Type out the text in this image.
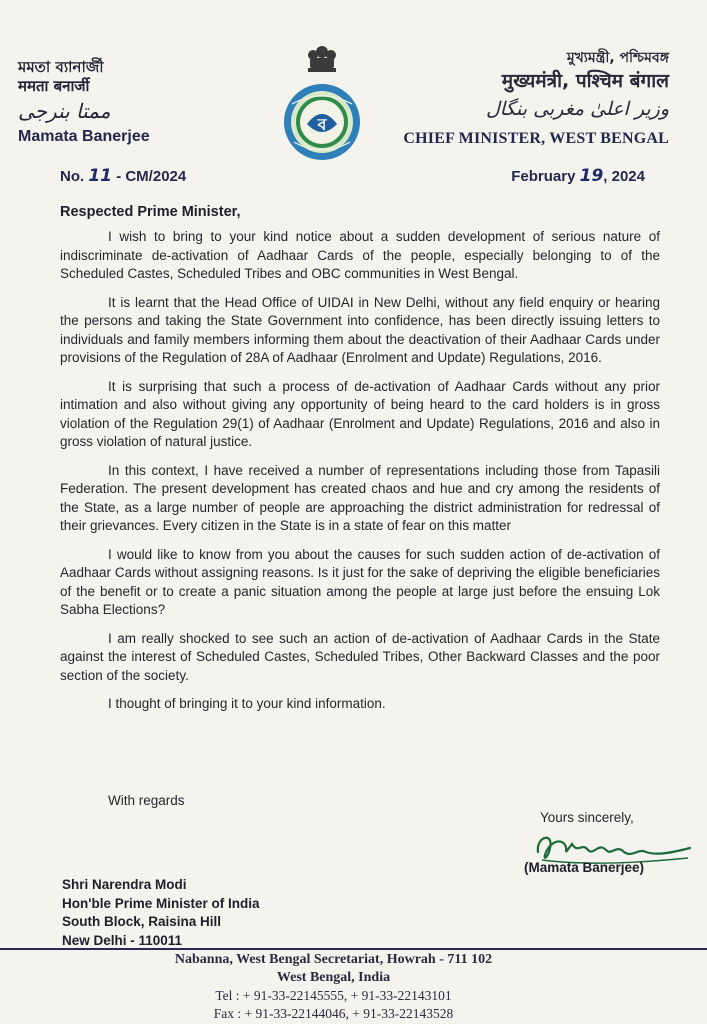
মমতা ব্যানার্জী
ममता बनार्जी
ممتا بنرجی
Mamata Banerjee
ব
মুখ্যমন্ত্রী, পশ্চিমবঙ্গ
मुख्यमंत्री, पश्चिम बंगाल
وزیر اعلیٰ مغربی بنگال
CHIEF MINISTER, WEST BENGAL
No. 11 - CM/2024	February 19, 2024
Respected Prime Minister,

I wish to bring to your kind notice about a sudden development of serious nature of indiscriminate de-activation of Aadhaar Cards of the people, especially belonging to of the Scheduled Castes, Scheduled Tribes and OBC communities in West Bengal.

It is learnt that the Head Office of UIDAI in New Delhi, without any field enquiry or hearing the persons and taking the State Government into confidence, has been directly issuing letters to individuals and family members informing them about the deactivation of their Aadhaar Cards under provisions of the Regulation of 28A of Aadhaar (Enrolment and Update) Regulations, 2016.

It is surprising that such a process of de-activation of Aadhaar Cards without any prior intimation and also without giving any opportunity of being heard to the card holders is in gross violation of the Regulation 29(1) of Aadhaar (Enrolment and Update) Regulations, 2016 and also in gross violation of natural justice.

In this context, I have received a number of representations including those from Tapasili Federation. The present development has created chaos and hue and cry among the residents of the State, as a large number of people are approaching the district administration for redressal of their grievances. Every citizen in the State is in a state of fear on this matter

I would like to know from you about the causes for such sudden action of de-activation of Aadhaar Cards without assigning reasons. Is it just for the sake of depriving the eligible beneficiaries of the benefit or to create a panic situation among the people at large just before the ensuing Lok Sabha Elections?

I am really shocked to see such an action of de-activation of Aadhaar Cards in the State against the interest of Scheduled Castes, Scheduled Tribes, Other Backward Classes and the poor section of the society.

I thought of bringing it to your kind information.

With regards
Yours sincerely,
(Mamata Banerjee)
Shri Narendra Modi
Hon'ble Prime Minister of India
South Block, Raisina Hill
New Delhi - 110011
Nabanna, West Bengal Secretariat, Howrah - 711 102
West Bengal, India
Tel : + 91-33-22145555, + 91-33-22143101
Fax : + 91-33-22144046, + 91-33-22143528
